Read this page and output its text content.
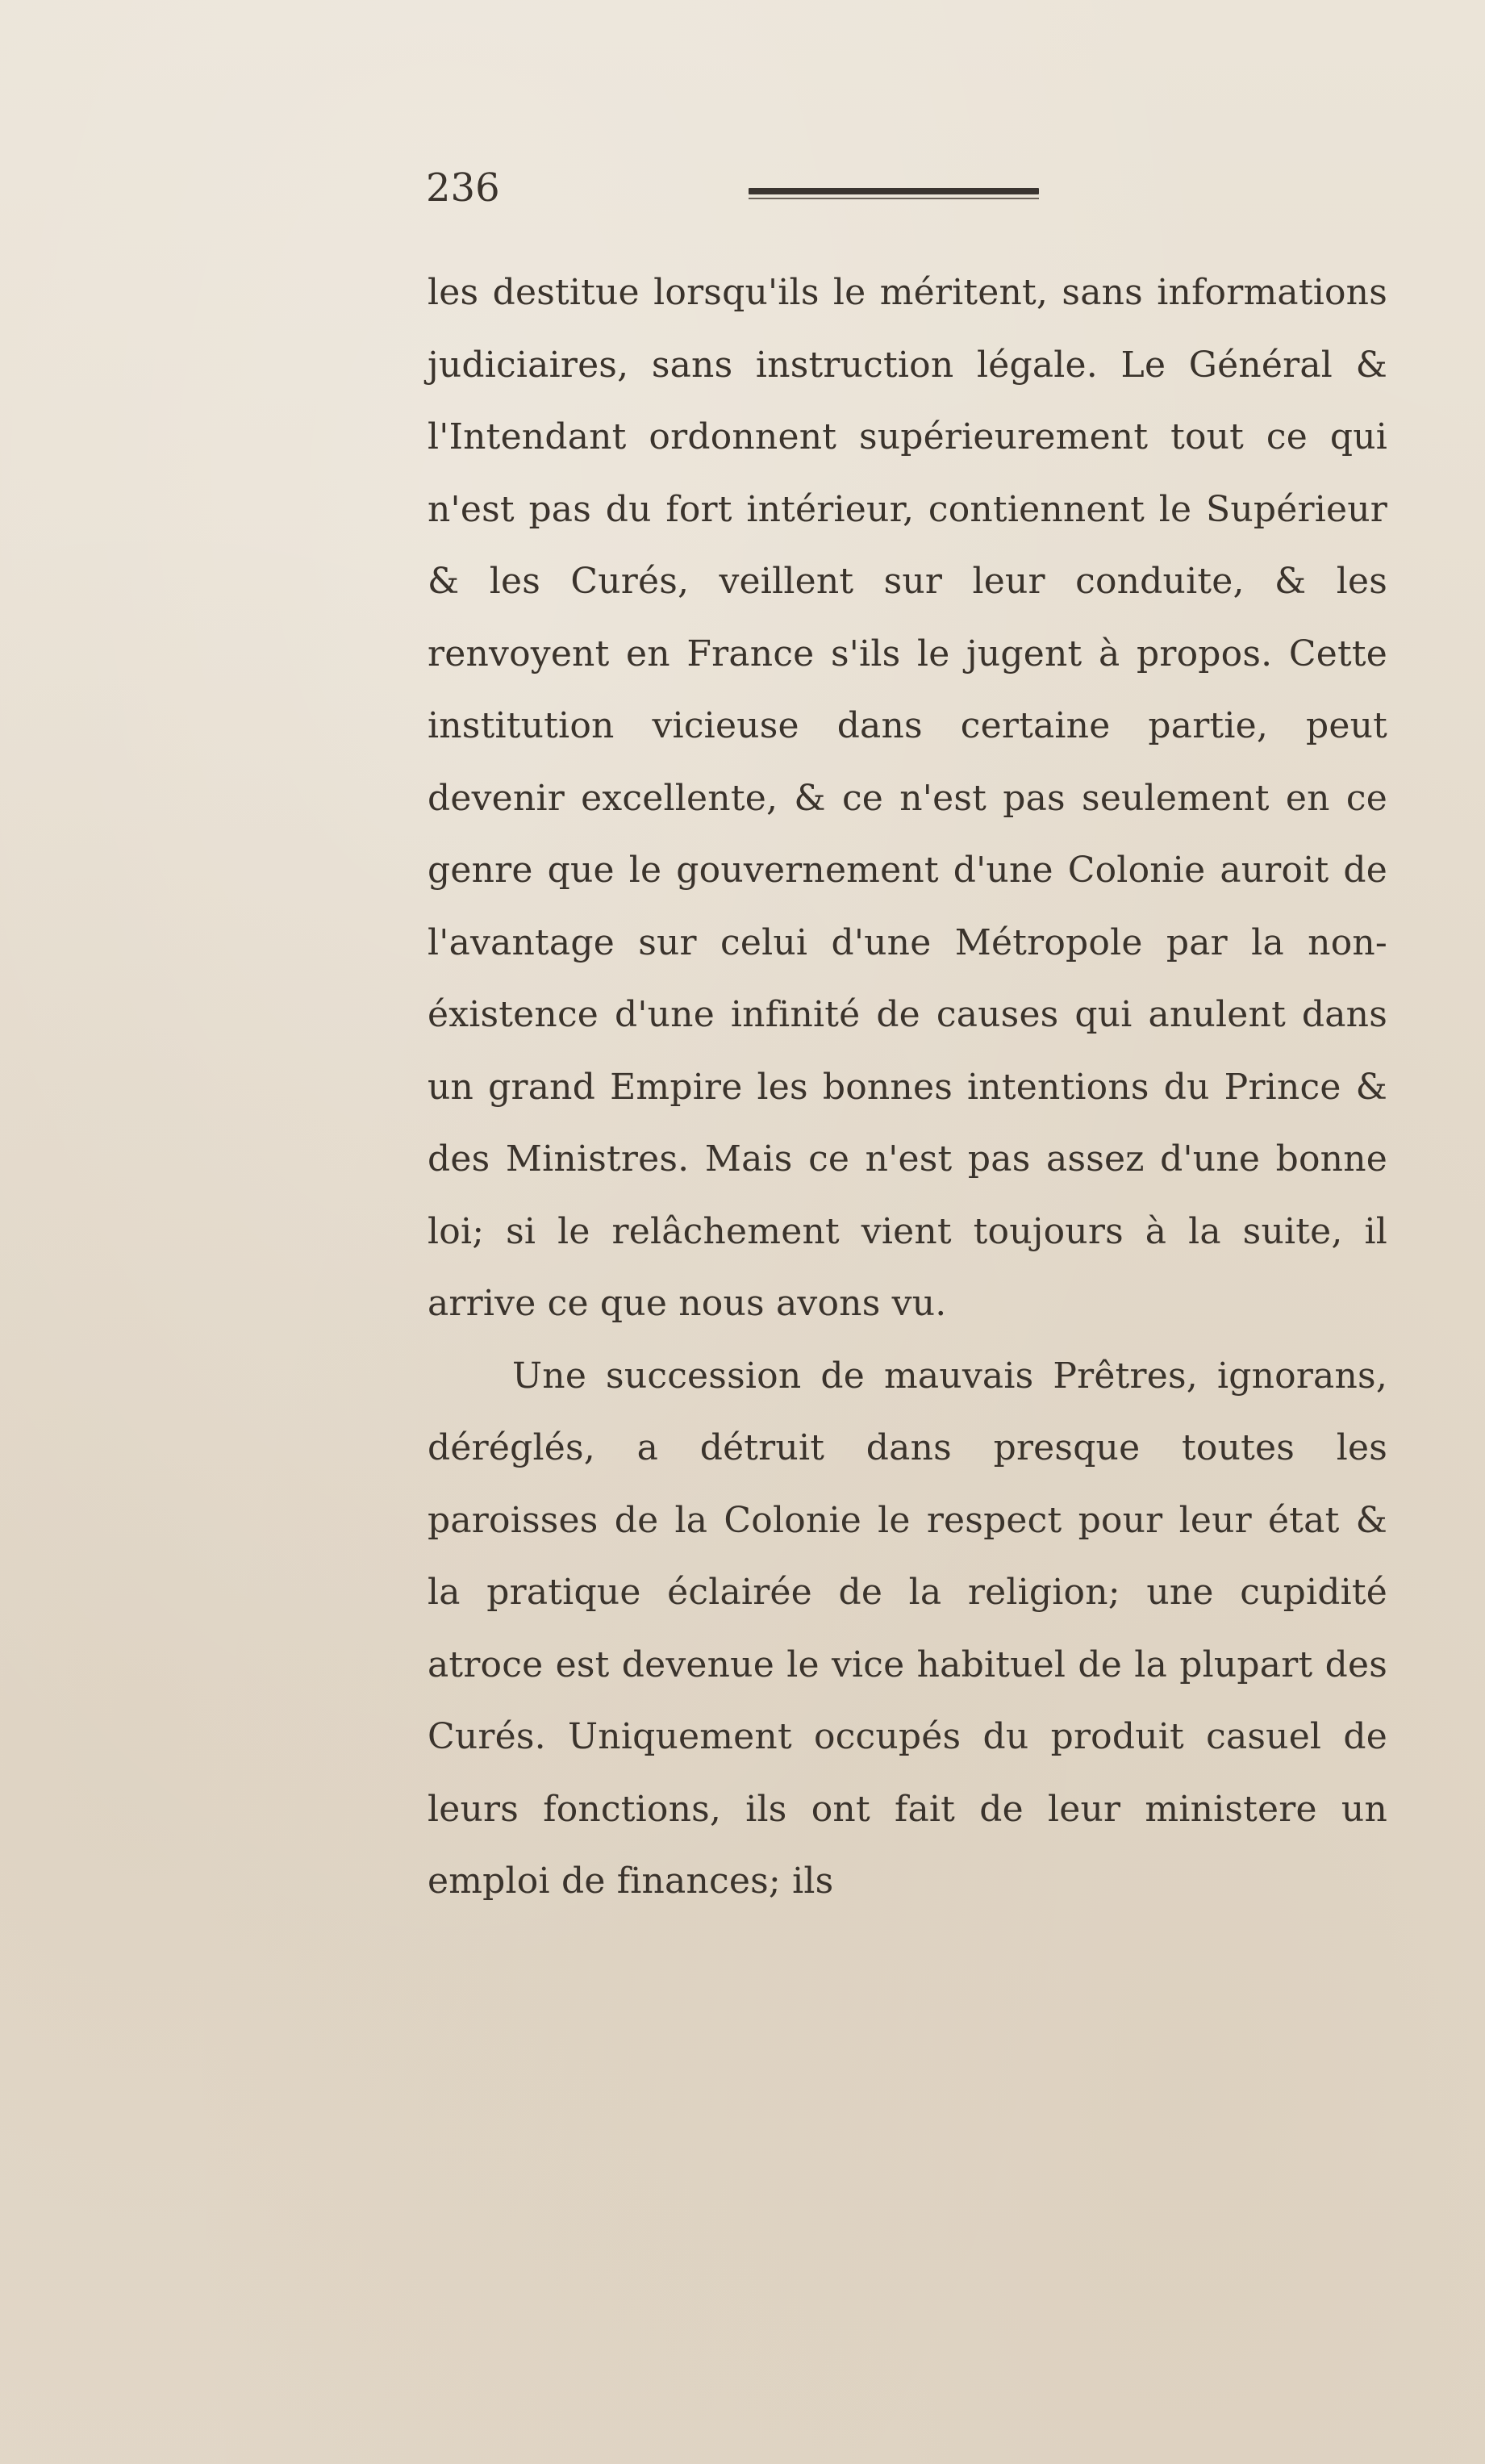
236

les destitue lorsqu'ils le méritent, sans informations judiciaires, sans instruction légale. Le Général & l'Intendant ordonnent supérieurement tout ce qui n'est pas du fort intérieur, contiennent le Supérieur & les Curés, veillent sur leur conduite, & les renvoyent en France s'ils le jugent à propos. Cette institution vicieuse dans certaine partie, peut devenir excellente, & ce n'est pas seulement en ce genre que le gouvernement d'une Colonie auroit de l'avantage sur celui d'une Métropole par la non-éxistence d'une infinité de causes qui anulent dans un grand Empire les bonnes intentions du Prince & des Ministres. Mais ce n'est pas assez d'une bonne loi; si le relâchement vient toujours à la suite, il arrive ce que nous avons vu.

Une succession de mauvais Prêtres, ignorans, déréglés, a détruit dans presque toutes les paroisses de la Colonie le respect pour leur état & la pratique éclairée de la religion; une cupidité atroce est devenue le vice habituel de la plupart des Curés. Uniquement occupés du produit casuel de leurs fonctions, ils ont fait de leur ministere un emploi de finances; ils
